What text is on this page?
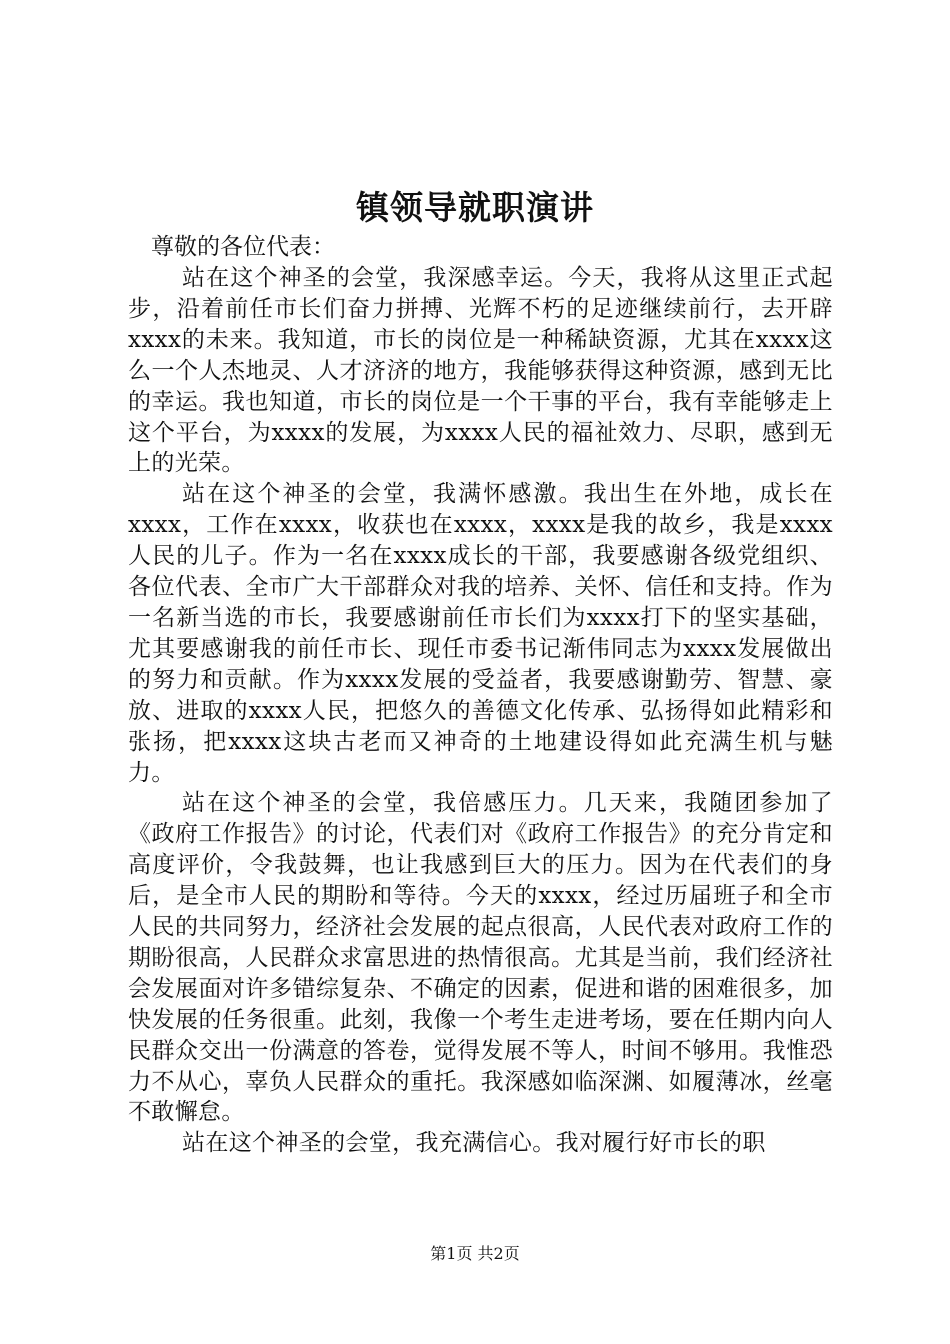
镇领导就职演讲

尊敬的各位代表：

站在这个神圣的会堂，我深感幸运。今天，我将从这里正式起步，沿着前任市长们奋力拼搏、光辉不朽的足迹继续前行，去开辟xxxx的未来。我知道，市长的岗位是一种稀缺资源，尤其在xxxx这么一个人杰地灵、人才济济的地方，我能够获得这种资源，感到无比的幸运。我也知道，市长的岗位是一个干事的平台，我有幸能够走上这个平台，为xxxx的发展，为xxxx人民的福祉效力、尽职，感到无上的光荣。

站在这个神圣的会堂，我满怀感激。我出生在外地，成长在xxxx，工作在xxxx，收获也在xxxx，xxxx是我的故乡，我是xxxx人民的儿子。作为一名在xxxx成长的干部，我要感谢各级党组织、各位代表、全市广大干部群众对我的培养、关怀、信任和支持。作为一名新当选的市长，我要感谢前任市长们为xxxx打下的坚实基础，尤其要感谢我的前任市长、现任市委书记渐伟同志为xxxx发展做出的努力和贡献。作为xxxx发展的受益者，我要感谢勤劳、智慧、豪放、进取的xxxx人民，把悠久的善德文化传承、弘扬得如此精彩和张扬，把xxxx这块古老而又神奇的土地建设得如此充满生机与魅力。

站在这个神圣的会堂，我倍感压力。几天来，我随团参加了《政府工作报告》的讨论，代表们对《政府工作报告》的充分肯定和高度评价，令我鼓舞，也让我感到巨大的压力。因为在代表们的身后，是全市人民的期盼和等待。今天的xxxx，经过历届班子和全市人民的共同努力，经济社会发展的起点很高，人民代表对政府工作的期盼很高，人民群众求富思进的热情很高。尤其是当前，我们经济社会发展面对许多错综复杂、不确定的因素，促进和谐的困难很多，加快发展的任务很重。此刻，我像一个考生走进考场，要在任期内向人民群众交出一份满意的答卷，觉得发展不等人，时间不够用。我惟恐力不从心，辜负人民群众的重托。我深感如临深渊、如履薄冰，丝毫不敢懈怠。

站在这个神圣的会堂，我充满信心。我对履行好市长的职

第1页 共2页
